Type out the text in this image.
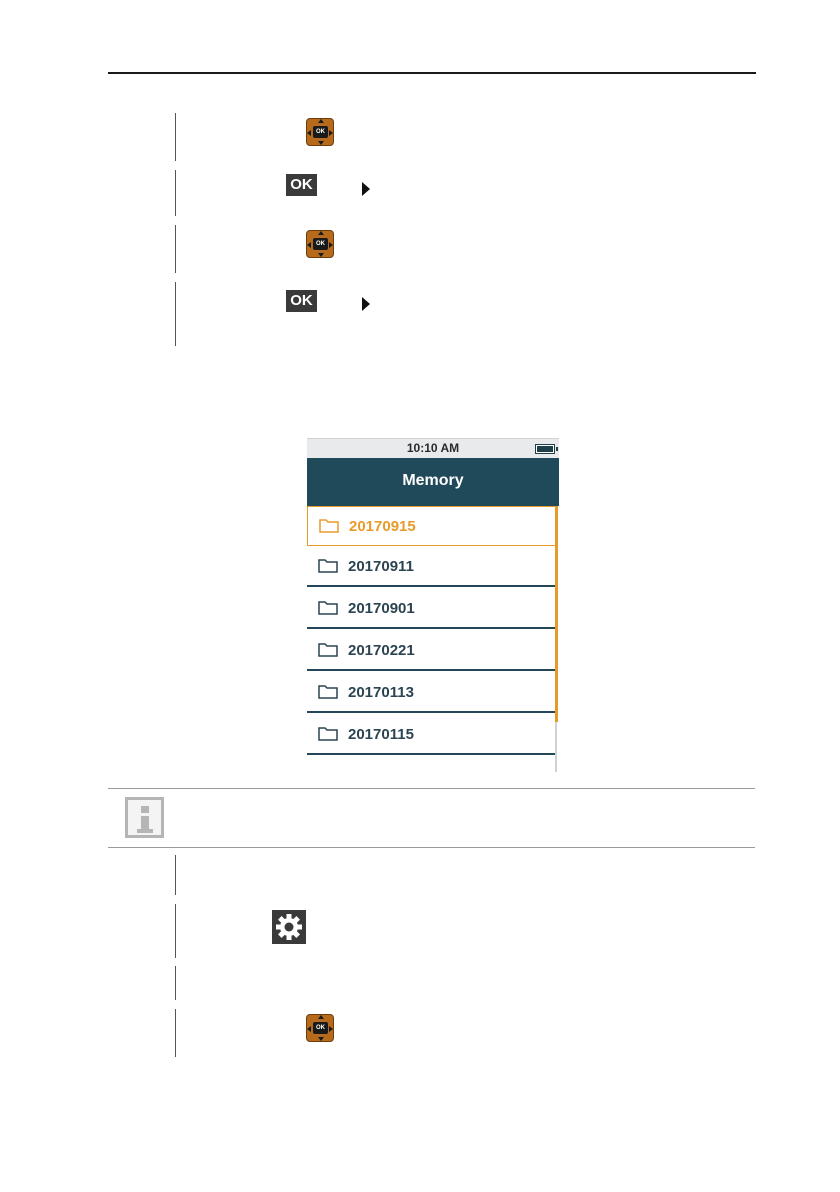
OK
OK
OK
OK
10:10 AM
Memory
20170915
20170911
20170901
20170221
20170113
20170115
OK
